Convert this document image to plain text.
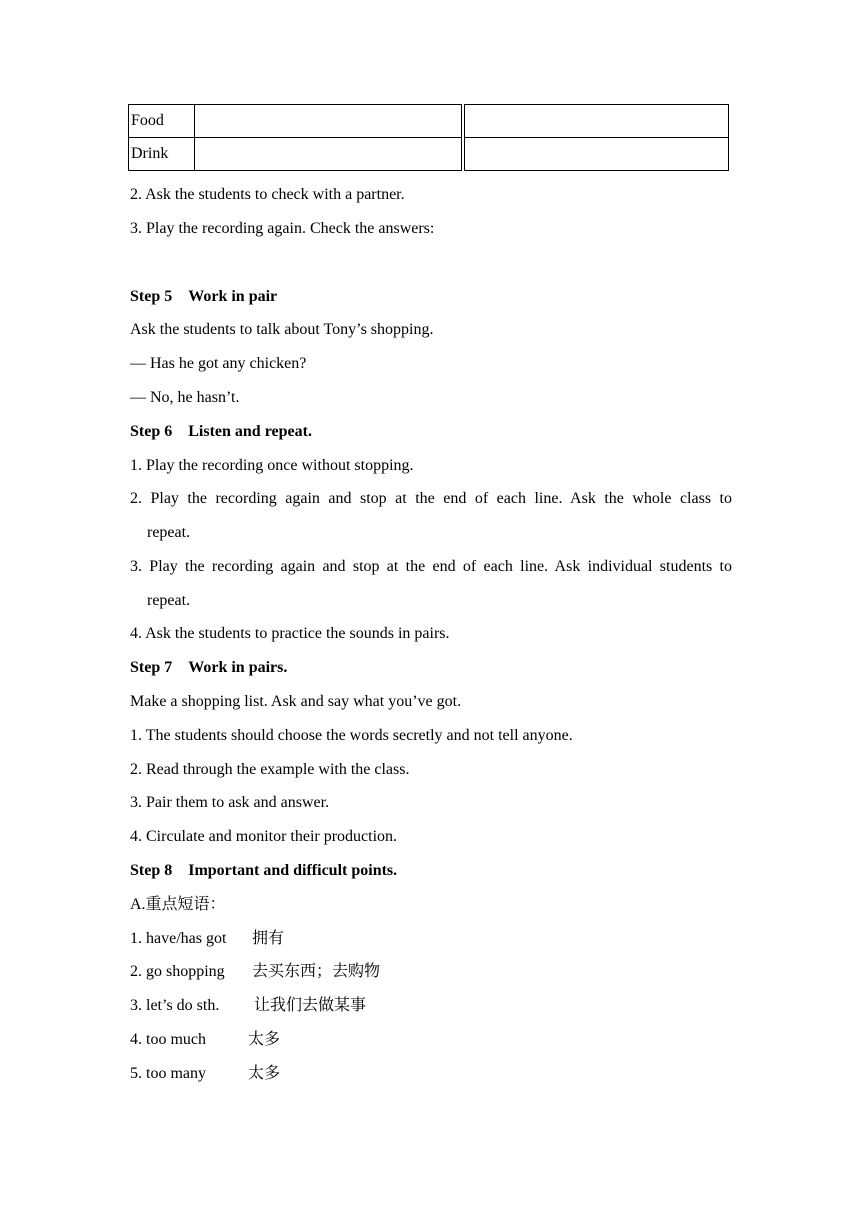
Food		
Drink		
2. Ask the students to check with a partner.
3. Play the recording again. Check the answers:
Step 5　Work in pair
Ask the students to talk about Tony’s shopping.
— Has he got any chicken?
— No, he hasn’t.
Step 6　Listen and repeat.
1. Play the recording once without stopping.
2. Play the recording again and stop at the end of each line. Ask the whole class to
repeat.
3. Play the recording again and stop at the end of each line. Ask individual students to
repeat.
4. Ask the students to practice the sounds in pairs.
Step 7　Work in pairs.
Make a shopping list. Ask and say what you’ve got.
1. The students should choose the words secretly and not tell anyone.
2. Read through the example with the class.
3. Pair them to ask and answer.
4. Circulate and monitor their production.
Step 8　Important and difficult points.
A.重点短语：
1. have/has got 拥有
2. go shopping 去买东西；去购物
3. let’s do sth. 让我们去做某事
4. too much	太多
5. too many	太多
